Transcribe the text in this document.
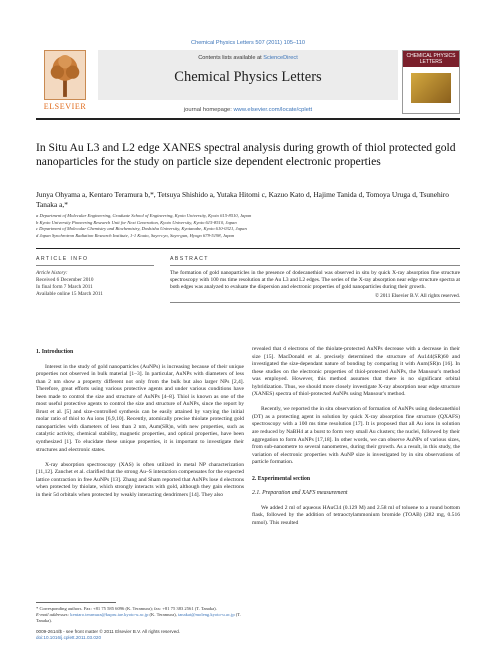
Chemical Physics Letters 507 (2011) 105–110
ELSEVIER
Contents lists available at ScienceDirect
Chemical Physics Letters
CHEMICAL PHYSICS LETTERS
journal homepage: www.elsevier.com/locate/cplett
In Situ Au L3 and L2 edge XANES spectral analysis during growth of thiol protected gold nanoparticles for the study on particle size dependent electronic properties
Junya Ohyama a, Kentaro Teramura b,*, Tetsuya Shishido a, Yutaka Hitomi c, Kazuo Kato d, Hajime Tanida d, Tomoya Uruga d, Tsunehiro Tanaka a,*
a Department of Molecular Engineering, Graduate School of Engineering, Kyoto University, Kyoto 615-8510, Japan
b Kyoto University Pioneering Research Unit for Next Generation, Kyoto University, Kyoto 615-8510, Japan
c Department of Molecular Chemistry and Biochemistry, Doshisha University, Kyotanabe, Kyoto 610-0321, Japan
d Japan Synchrotron Radiation Research Institute, 1-1 Kouto, Sayo-cyo, Sayo-gun, Hyogo 679-5198, Japan
ARTICLE INFO
Article history:
Received 6 December 2010
In final form 7 March 2011
Available online 15 March 2011
ABSTRACT
The formation of gold nanoparticles in the presence of dodecanethiol was observed in situ by quick X-ray absorption fine structure spectroscopy with 100 ms time resolution at the Au L3 and L2 edges. The series of the X-ray absorption near edge structure spectra at both edges was analyzed to evaluate the dispersion and electronic properties of gold nanoparticles during their growth.
© 2011 Elsevier B.V. All rights reserved.
1. Introduction

Interest in the study of gold nanoparticles (AuNPs) is increasing because of their unique properties not observed in bulk material [1–3]. In particular, AuNPs with diameters of less than 2 nm show a property different not only from the bulk but also larger NPs [2,4]. Therefore, great efforts using various protective agents and under various conditions have been made to control the size and structure of AuNPs [4–8]. Thiol is known as one of the most useful protective agents to control the size and structure of AuNPs, since the report by Brust et al. [5] and size-controlled synthesis can be easily attained by varying the initial molar ratio of thiol to Au ions [6,9,10]. Recently, atomically precise thiolate protecting gold nanoparticles with diameters of less than 2 nm, Aum(SR)n, with new properties, such as catalytic activity, chemical stability, magnetic properties, and optical properties, have been synthesized [1]. To elucidate these unique properties, it is important to investigate their structures and electronic states.

X-ray absorption spectroscopy (XAS) is often utilized in metal NP characterization [11,12]. Zanchet et al. clarified that the strong Au–S interaction compensates for the expected lattice contraction in free AuNPs [13]. Zhang and Sham reported that AuNPs lose d electrons when protected by thiolate, which strongly interacts with gold, although they gain electrons in their 5d orbitals when protected by weakly interacting dendrimers [14]. They also

revealed that d electrons of the thiolate-protected AuNPs decrease with a decrease in their size [15]. MacDonald et al. precisely determined the structure of Au144(SR)60 and investigated the size-dependant nature of bonding by comparing it with Aum(SR)n [16]. In these studies on the electronic properties of thiol-protected AuNPs, the Mansour's method was employed. However, this method assumes that there is no significant orbital hybridization. Thus, we should more closely investigate X-ray absorption near edge structure (XANES) spectra of thiol-protected AuNPs using Mansour's method.

Recently, we reported the in situ observation of formation of AuNPs using dodecanethiol (DT) as a protecting agent in solution by quick X-ray absorption fine structure (QXAFS) spectroscopy with a 100 ms time resolution [17]. It is proposed that all Au ions in solution are reduced by NaBH4 at a burst to form very small Au clusters; the nuclei, followed by their aggregation to form AuNPs [17,18]. In other words, we can observe AuNPs of various sizes, from sub-nanometre to several nanometres, during their growth. As a result, in this study, the variation of electronic properties with AuNP size is investigated by in situ observations of particle formation.

2. Experimental section
2.1. Preparation and XAFS measurement

We added 2 ml of aqueous HAuCl4 (0.129 M) and 2.58 ml of toluene to a round bottom flask, followed by the addition of tetraoctylammonium bromide (TOAB) (282 mg, 0.516 mmol). This resulted

* Corresponding authors. Fax: +81 75 585 6096 (K. Teramura); fax: +81 75 383 2561 (T. Tanaka).
E-mail addresses: kentaro.teramura@kupru.iae.kyoto-u.ac.jp (K. Teramura), tanakat@moleng.kyoto-u.ac.jp (T. Tanaka).
0009-2614/$ - see front matter © 2011 Elsevier B.V. All rights reserved.
doi:10.1016/j.cplett.2011.03.020
